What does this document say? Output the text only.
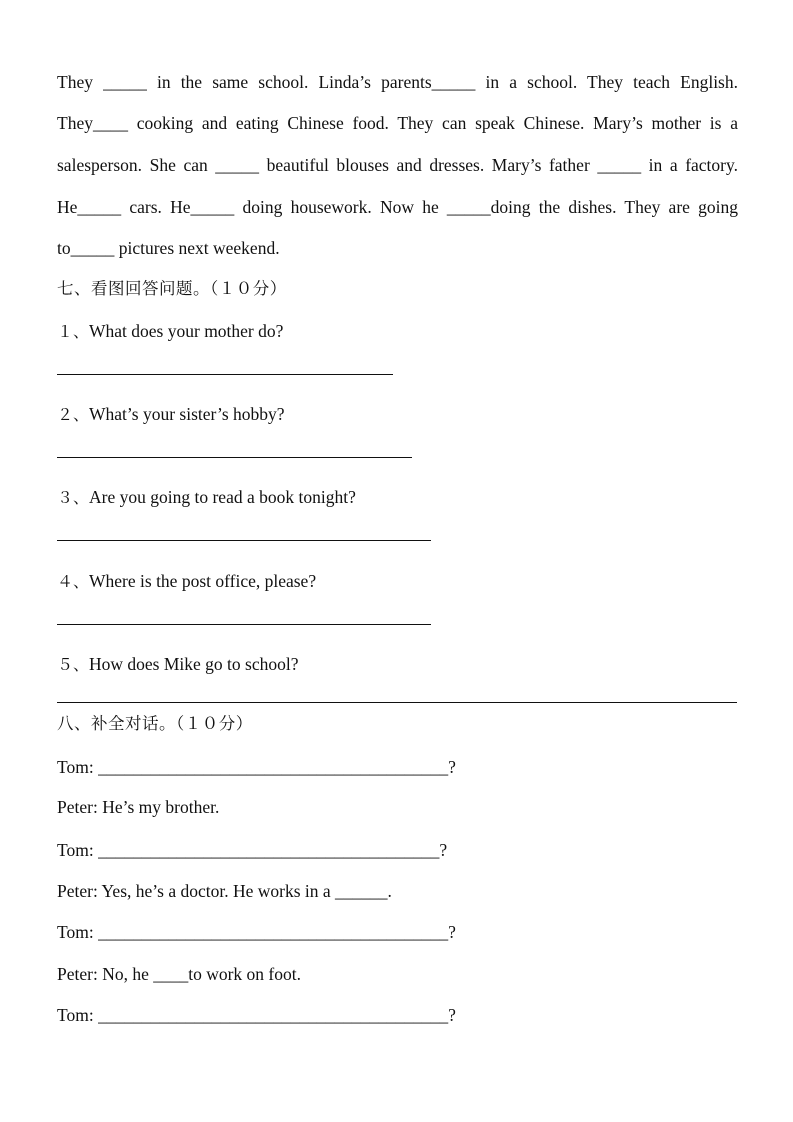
They _____ in the same school. Linda’s parents_____ in a school. They teach English.

They____ cooking and eating Chinese food. They can speak Chinese. Mary’s mother is a

salesperson. She can _____ beautiful blouses and dresses. Mary’s father _____ in a factory.

He_____ cars. He_____ doing housework. Now he _____doing the dishes. They are going

to_____ pictures next weekend.

七、看图回答问题。（１０分）

１、What does your mother do?

２、What’s your sister’s hobby?

３、Are you going to read a book tonight?

４、Where is the post office, please?

５、How does Mike go to school?

八、补全对话。（１０分）

Tom: ________________________________________?

Peter: He’s my brother.

Tom: _______________________________________?

Peter: Yes, he’s a doctor. He works in a ______.

Tom: ________________________________________?

Peter: No, he ____to work on foot.

Tom: ________________________________________?
